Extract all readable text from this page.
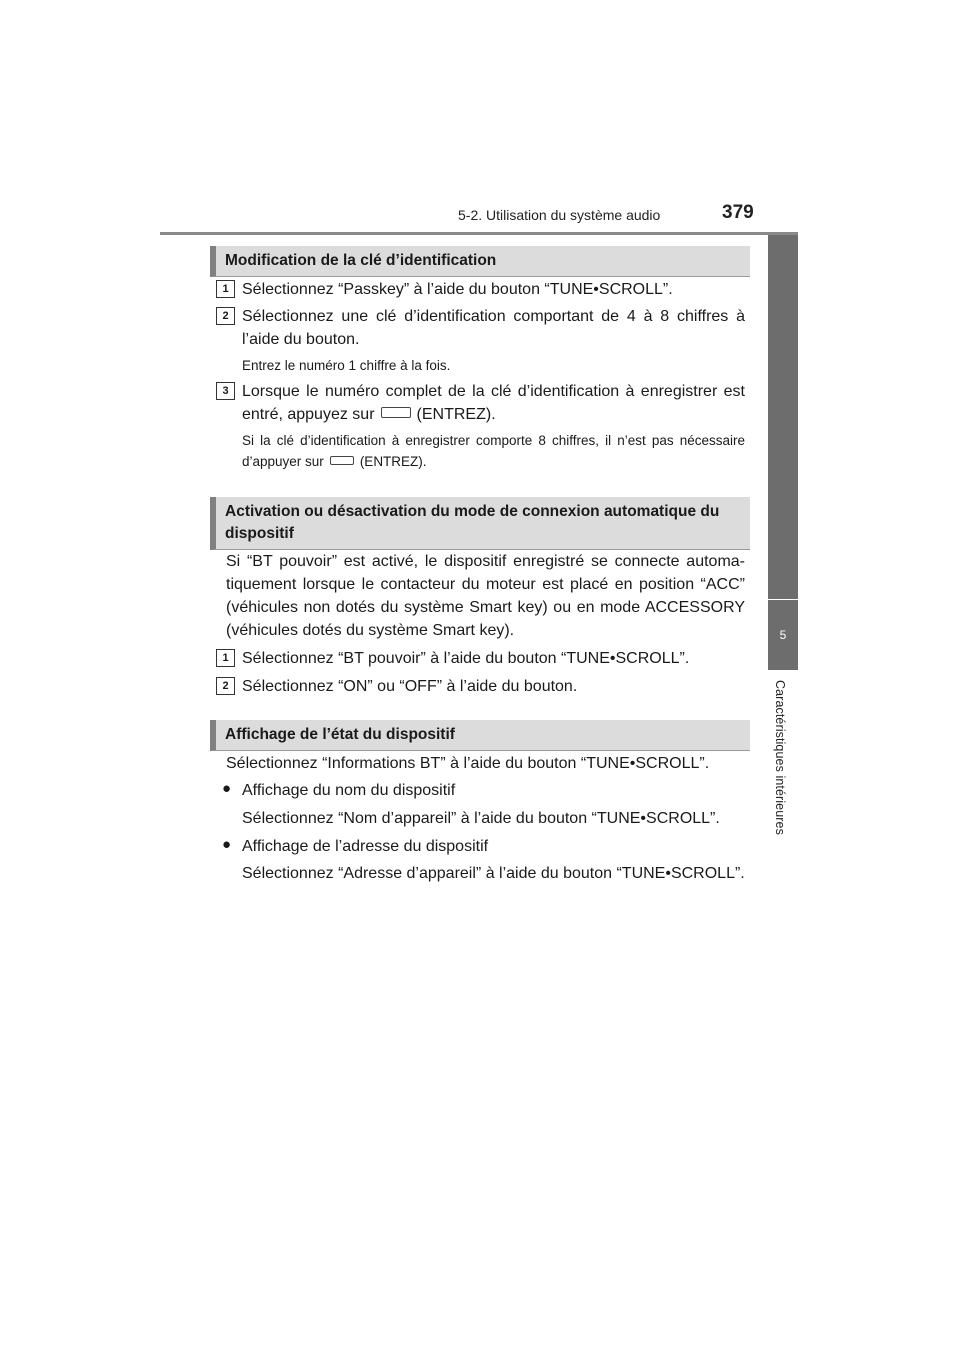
5-2. Utilisation du système audio	379
5
Caractéristiques intérieures
Modification de la clé d’identification
1 Sélectionnez “Passkey” à l’aide du bouton “TUNE•SCROLL”.
2 Sélectionnez une clé d’identification comportant de 4 à 8 chiffres à l’aide du bouton.
Entrez le numéro 1 chiffre à la fois.
3 Lorsque le numéro complet de la clé d’identification à enregistrer est entré, appuyez sur	(ENTREZ).
Si la clé d’identification à enregistrer comporte 8 chiffres, il n’est pas nécessaire d’appuyer sur	(ENTREZ).
Activation ou désactivation du mode de connexion automatique du dispositif
Si “BT pouvoir” est activé, le dispositif enregistré se connecte automa-tiquement lorsque le contacteur du moteur est placé en position “ACC” (véhicules non dotés du système Smart key) ou en mode ACCESSORY (véhicules dotés du système Smart key).
1 Sélectionnez “BT pouvoir” à l’aide du bouton “TUNE•SCROLL”.
2 Sélectionnez “ON” ou “OFF” à l’aide du bouton.
Affichage de l’état du dispositif
Sélectionnez “Informations BT” à l’aide du bouton “TUNE•SCROLL”.
● Affichage du nom du dispositif
Sélectionnez “Nom d’appareil” à l’aide du bouton “TUNE•SCROLL”.
● Affichage de l’adresse du dispositif
Sélectionnez “Adresse d’appareil” à l’aide du bouton “TUNE•SCROLL”.
